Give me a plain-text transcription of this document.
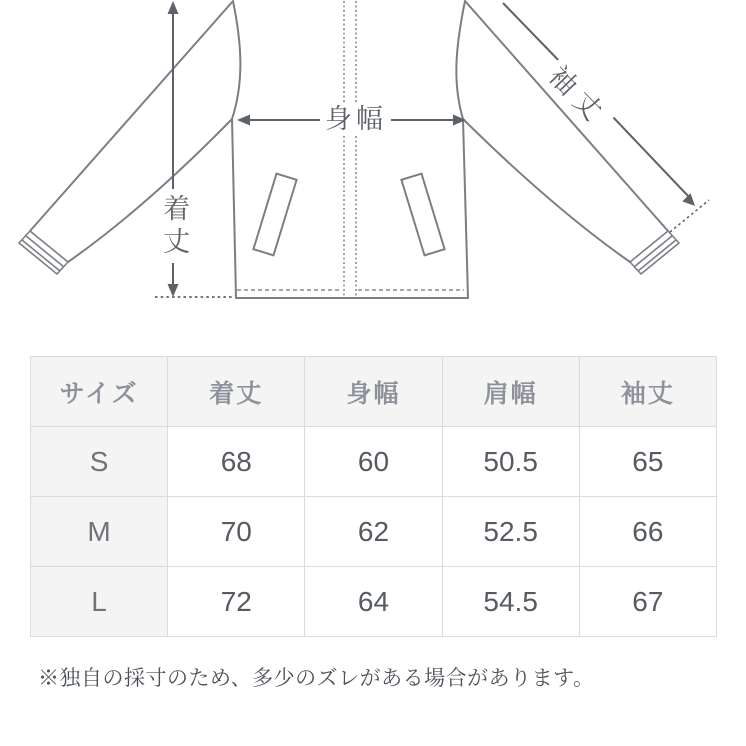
着丈
身幅	袖丈
サイズ	着丈	身幅	肩幅	袖丈
S	68	60	50.5	65
M	70	62	52.5	66
L	72	64	54.5	67

※独自の採寸のため、多少のズレがある場合があります。
